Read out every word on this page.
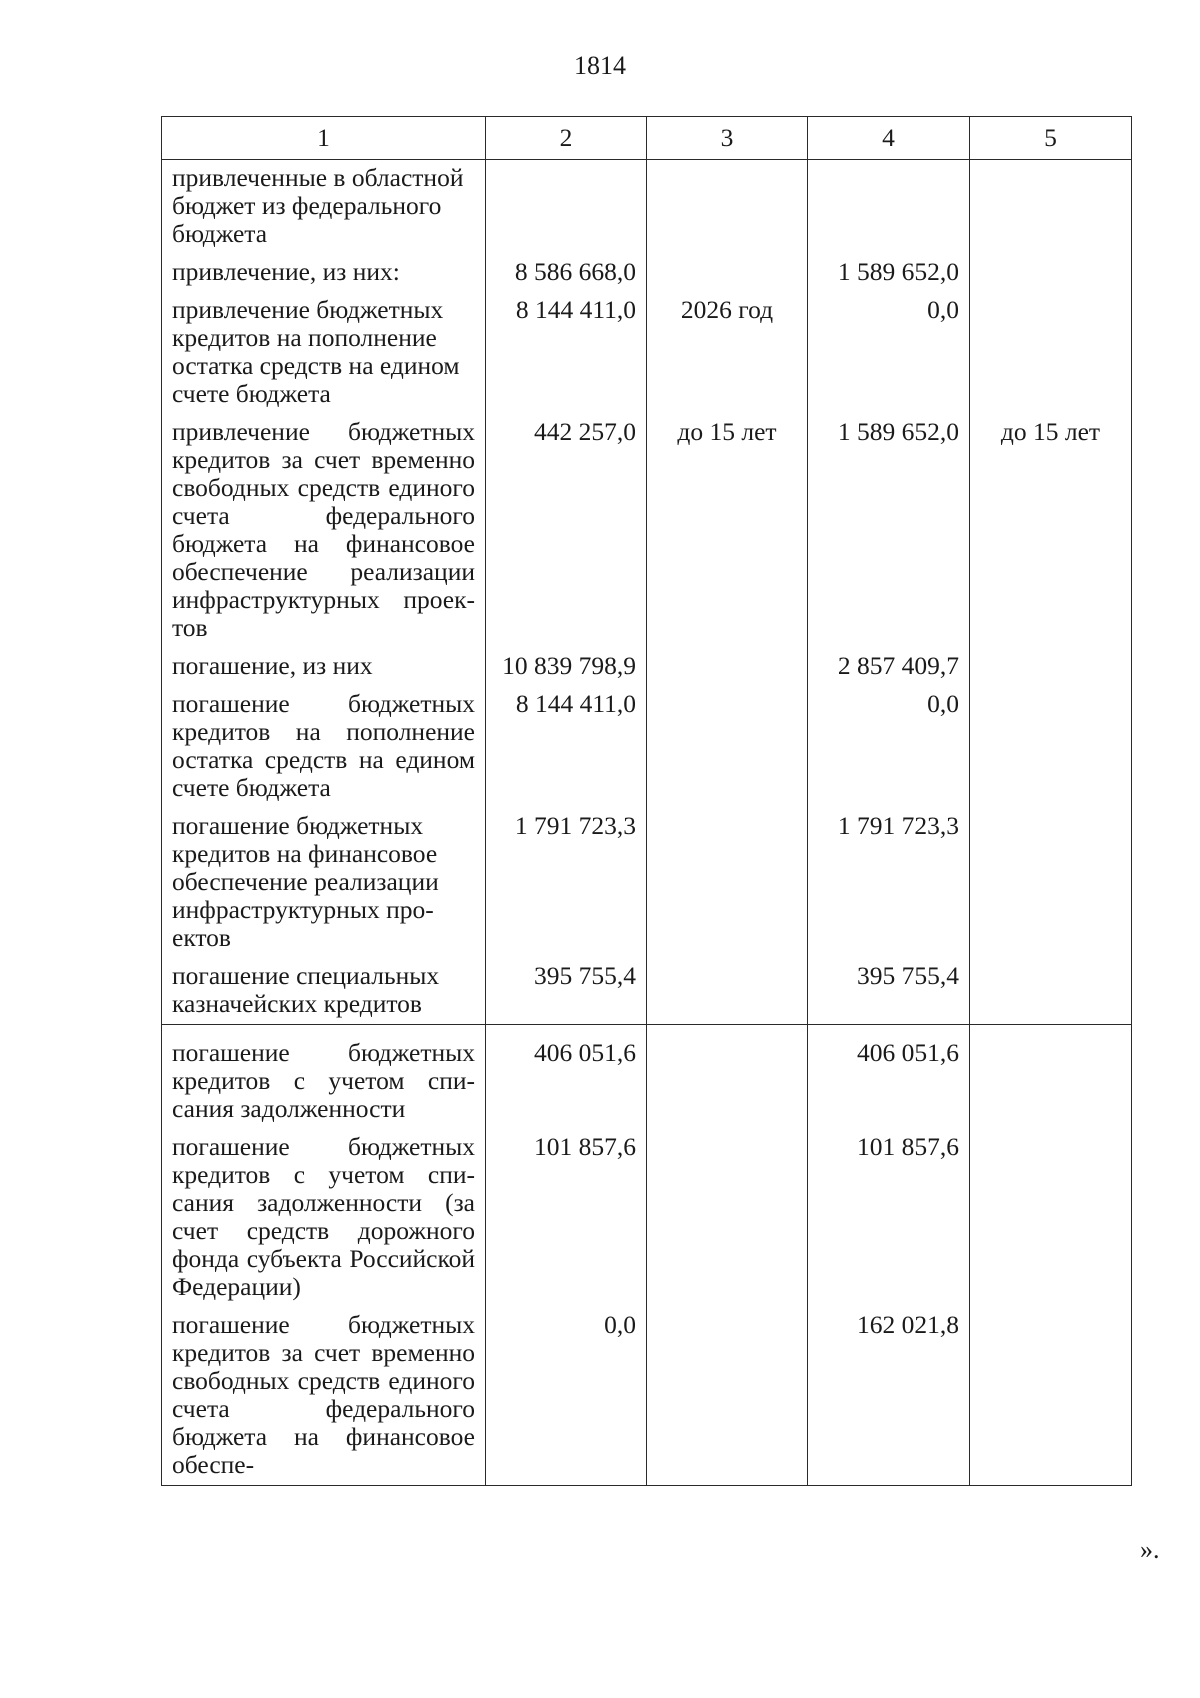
1814
1	2	3	4	5
привлеченные в областной бюджет из федерального бюджета				
привлечение, из них:	8 586 668,0		1 589 652,0	
привлечение бюджетных кредитов на пополнение остатка средств на едином счете бюджета	8 144 411,0	2026 год	0,0	
привлечение бюджетных кредитов за счет временно свободных средств единого счета федерального бюджета на финансовое обеспечение реализации инфраструктурных проектов	442 257,0	до 15 лет	1 589 652,0	до 15 лет
погашение, из них	10 839 798,9		2 857 409,7	
погашение бюджетных кредитов на пополнение остатка средств на едином счете бюджета	8 144 411,0		0,0	
погашение бюджетных кредитов на финансовое обеспечение реализации инфраструктурных проектов	1 791 723,3		1 791 723,3	
погашение специальных казначейских кредитов	395 755,4		395 755,4	
погашение бюджетных кредитов с учетом списания задолженности	406 051,6		406 051,6	
погашение бюджетных кредитов с учетом списания задолженности (за счет средств дорожного фонда субъекта Российской Федерации)	101 857,6		101 857,6	
погашение бюджетных кредитов за счет временно свободных средств единого счета федерального бюджета на финансовое обеспе-	0,0		162 021,8	
».
